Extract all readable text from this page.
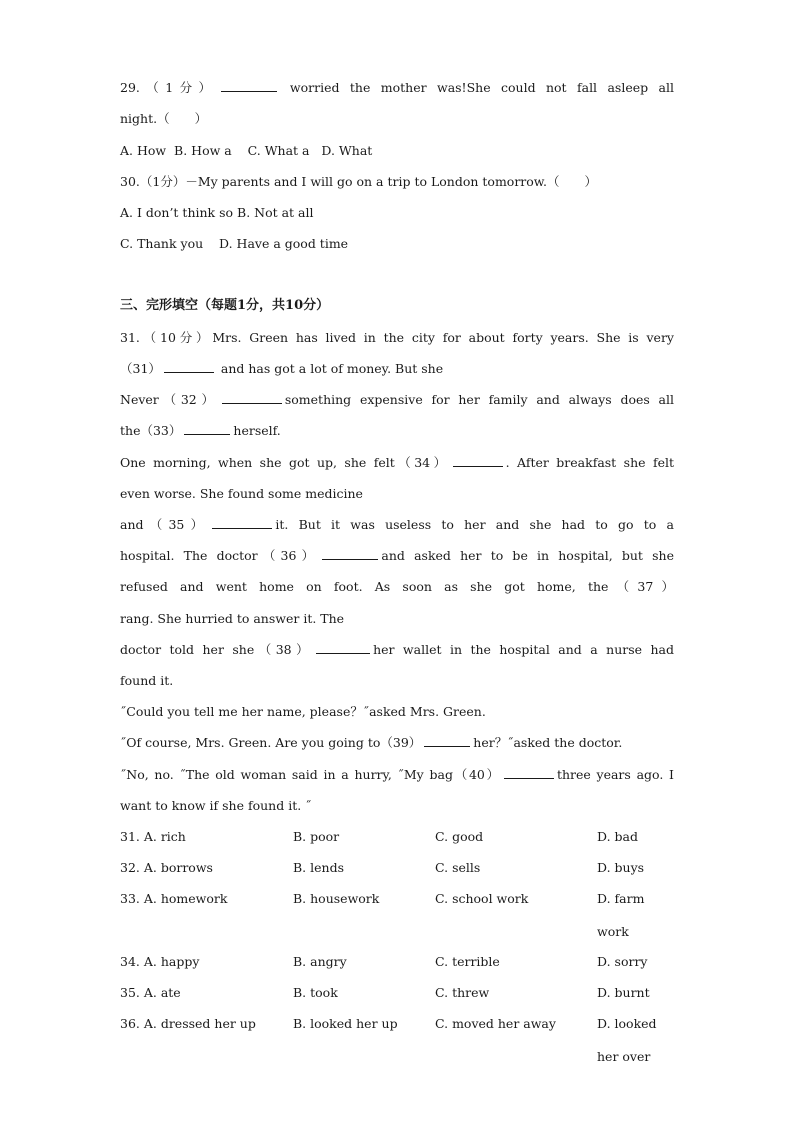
29.（1分）	worried the mother was!She could not fall asleep all
night.（　　）
A. How  B. How a    C. What a   D. What
30.（1分）－My parents and I will go on a trip to London tomorrow.（　　）
A. I don’t think so B. Not at all
C. Thank you    D. Have a good time
三、完形填空（每题1分，共10分）
31.（10分）Mrs. Green has lived in the city for about forty years. She is very
（31）	and has got a lot of money. But she
Never（32）	something expensive for her family and always does all
the（33）	herself.
One morning, when she got up, she felt（34）	. After breakfast she felt
even worse. She found some medicine
and（35）	it. But it was useless to her and she had to go to a
hospital. The doctor（36）	and asked her to be in hospital, but she
refused and went home on foot. As soon as she got home, the（37）
rang. She hurried to answer it. The
doctor told her she（38）	her wallet in the hospital and a nurse had
found it.
˝Could you tell me her name, please？˝asked Mrs. Green.
˝Of course, Mrs. Green. Are you going to（39）	her？˝asked the doctor.
˝No, no. ˝The old woman said in a hurry, ˝My bag（40）	three years ago. I
want to know if she found it. ˝
31. A. rich	B. poor	C. good	D. bad
32. A. borrows	B. lends	C. sells	D. buys
33. A. homework	B. housework	C. school work	D. farm
work
34. A. happy	B. angry	C. terrible	D. sorry
35. A. ate	B. took	C. threw	D. burnt
36. A. dressed her up	B. looked her up	C. moved her away	D. looked
her over
